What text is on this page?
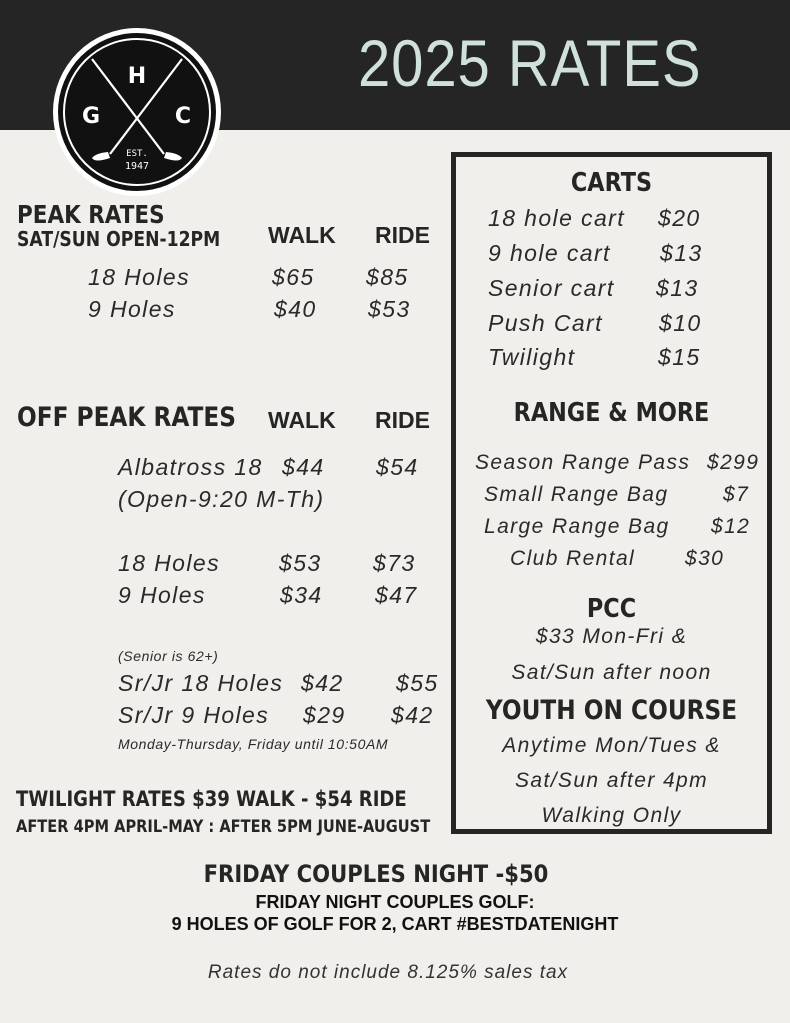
2025 RATES
H
G	C
EST.
1947
PEAK RATES
SAT/SUN OPEN-12PM WALK RIDE
18 Holes	$65 $85
9 Holes	$40 $53
OFF PEAK RATES WALK RIDE
Albatross 18 $44 $54
(Open-9:20 M-Th)
18 Holes	$53 $73
9 Holes	$34 $47
(Senior is 62+)
Sr/Jr 18 Holes $42 $55
Sr/Jr 9 Holes $29 $42
Monday-Thursday, Friday until 10:50AM
TWILIGHT RATES $39 WALK - $54 RIDE
AFTER 4PM APRIL-MAY : AFTER 5PM JUNE-AUGUST
CARTS
18 hole cart $20
9 hole cart $13
Senior cart $13
Push Cart $10
Twilight	$15
RANGE & MORE
Season Range Pass $299
Small Range Bag	$7
Large Range Bag $12
Club Rental $30
PCC
$33 Mon-Fri &
Sat/Sun after noon
YOUTH ON COURSE
Anytime Mon/Tues &
Sat/Sun after 4pm
Walking Only
FRIDAY COUPLES NIGHT -$50
FRIDAY NIGHT COUPLES GOLF:
9 HOLES OF GOLF FOR 2, CART #BESTDATENIGHT
Rates do not include 8.125% sales tax
